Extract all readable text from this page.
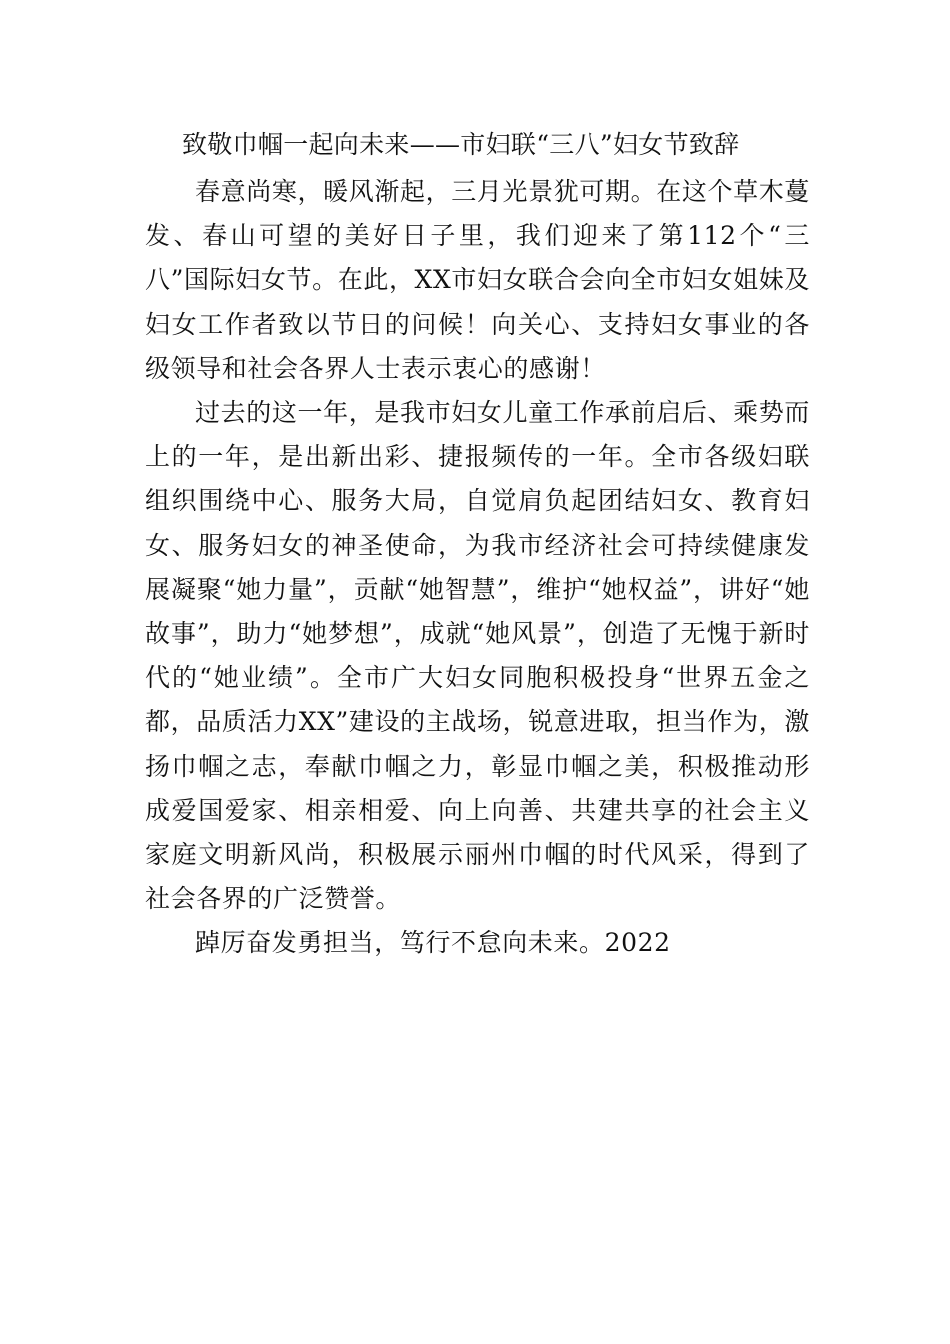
致敬巾帼一起向未来——市妇联“三八”妇女节致辞

春意尚寒，暖风渐起，三月光景犹可期。在这个草木蔓发、春山可望的美好日子里，我们迎来了第112个“三八”国际妇女节。在此，XX市妇女联合会向全市妇女姐妹及妇女工作者致以节日的问候！向关心、支持妇女事业的各级领导和社会各界人士表示衷心的感谢！

过去的这一年，是我市妇女儿童工作承前启后、乘势而上的一年，是出新出彩、捷报频传的一年。全市各级妇联组织围绕中心、服务大局，自觉肩负起团结妇女、教育妇女、服务妇女的神圣使命，为我市经济社会可持续健康发展凝聚“她力量”，贡献“她智慧”，维护“她权益”，讲好“她故事”，助力“她梦想”，成就“她风景”，创造了无愧于新时代的“她业绩”。全市广大妇女同胞积极投身“世界五金之都，品质活力XX”建设的主战场，锐意进取，担当作为，激扬巾帼之志，奉献巾帼之力，彰显巾帼之美，积极推动形成爱国爱家、相亲相爱、向上向善、共建共享的社会主义家庭文明新风尚，积极展示丽州巾帼的时代风采，得到了社会各界的广泛赞誉。

踔厉奋发勇担当，笃行不怠向未来。2022
